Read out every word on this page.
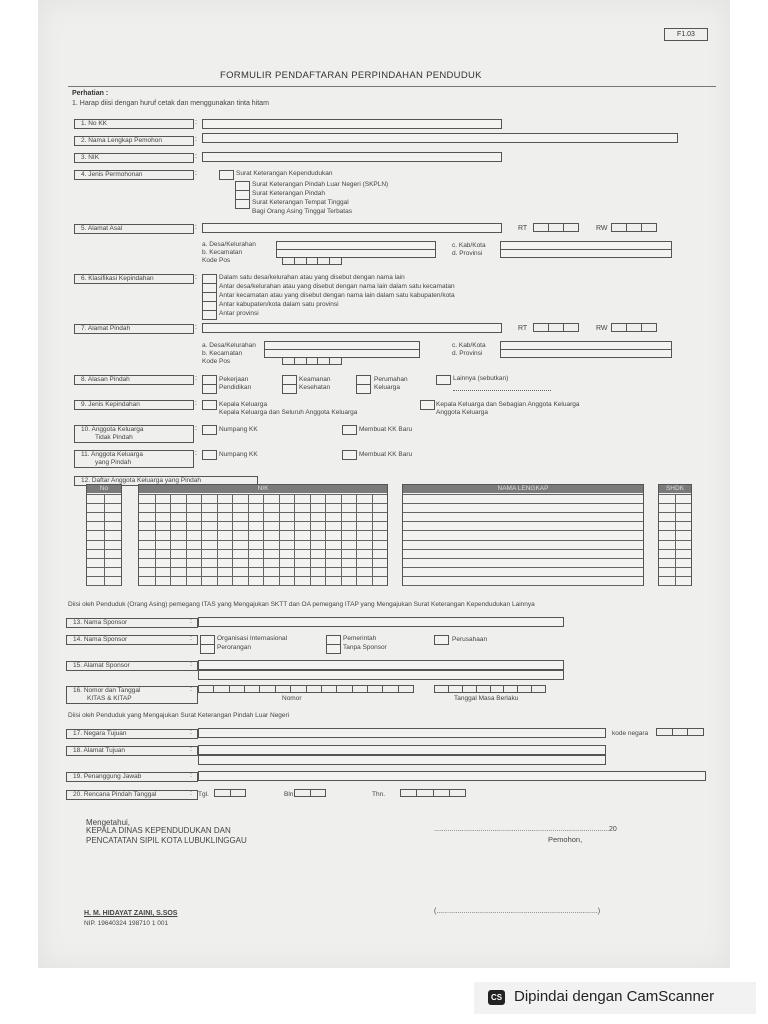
F1.03
FORMULIR PENDAFTARAN PERPINDAHAN PENDUDUK
Perhatian :
1. Harap diisi dengan huruf cetak dan menggunakan tinta hitam
1. No KK	:
2. Nama Lengkap Pemohon	:
3. NIK	:
4. Jenis Permohonan	:	Surat Keterangan Kependudukan
Surat Keterangan Pindah Luar Negeri (SKPLN)
Surat Keterangan Pindah
Surat Keterangan Tempat Tinggal
Bagi Orang Asing Tinggal Terbatas
5. Alamat Asal	:	RT	RW
a. Desa/Kelurahan
b. Kecamatan
Kode Pos
c. Kab/Kota
d. Provinsi
6. Klasifikasi Kepindahan	:	Dalam satu desa/kelurahan atau yang disebut dengan nama lain
Antar desa/kelurahan atau yang disebut dengan nama lain dalam satu kecamatan
Antar kecamatan atau yang disebut dengan nama lain dalam satu kabupaten/kota
Antar kabupaten/kota dalam satu provinsi
Antar provinsi
7. Alamat Pindah	:	RT	RW
a. Desa/Kelurahan
b. Kecamatan
Kode Pos
c. Kab/Kota
d. Provinsi
8. Alasan Pindah	:	Pekerjaan
Pendidikan
Keamanan
Kesehatan
Perumahan
Keluarga
Lainnya (sebutkan)
9. Jenis Kepindahan	:	Kepala Keluarga
Kepala Keluarga dan Seluruh Anggota Keluarga
Kepala Keluarga dan Sebagian Anggota Keluarga
Anggota Keluarga
10. Anggota Keluarga
Tidak Pindah
:	Numpang KK	Membuat KK Baru
11. Anggota Keluarga
yang Pindah
:	Numpang KK	Membuat KK Baru
12. Daftar Anggota Keluarga yang Pindah
No	NIK	NAMA LENGKAP	SHDK
Diisi oleh Penduduk (Orang Asing) pemegang ITAS yang Mengajukan SKTT dan OA pemegang ITAP yang Mengajukan Surat Keterangan Kependudukan Lainnya
13. Nama Sponsor	:
14. Nama Sponsor	:	Organisasi Internasional
Perorangan
Pemerintah
Tanpa Sponsor
Perusahaan
15. Alamat Sponsor	:
16. Nomor dan Tanggal
KITAS & KITAP
:
Nomor	Tanggal Masa Berlaku
Diisi oleh Penduduk yang Mengajukan Surat Keterangan Pindah Luar Negeri
17. Negara Tujuan	:	kode negara
18. Alamat Tujuan	:
19. Penanggung Jawab	:
20. Rencana Pindah Tanggal	: Tgl.	Bln.	Thn.
Mengetahui,
KEPALA DINAS KEPENDUDUKAN DAN
PENCATATAN SIPIL KOTA LUBUKLINGGAU
..........................................................................................20
Pemohon,
H. M. HIDAYAT ZAINI, S.SOS
NIP. 19640324 198710 1 001
(...................................................................................)
CS Dipindai dengan CamScanner
